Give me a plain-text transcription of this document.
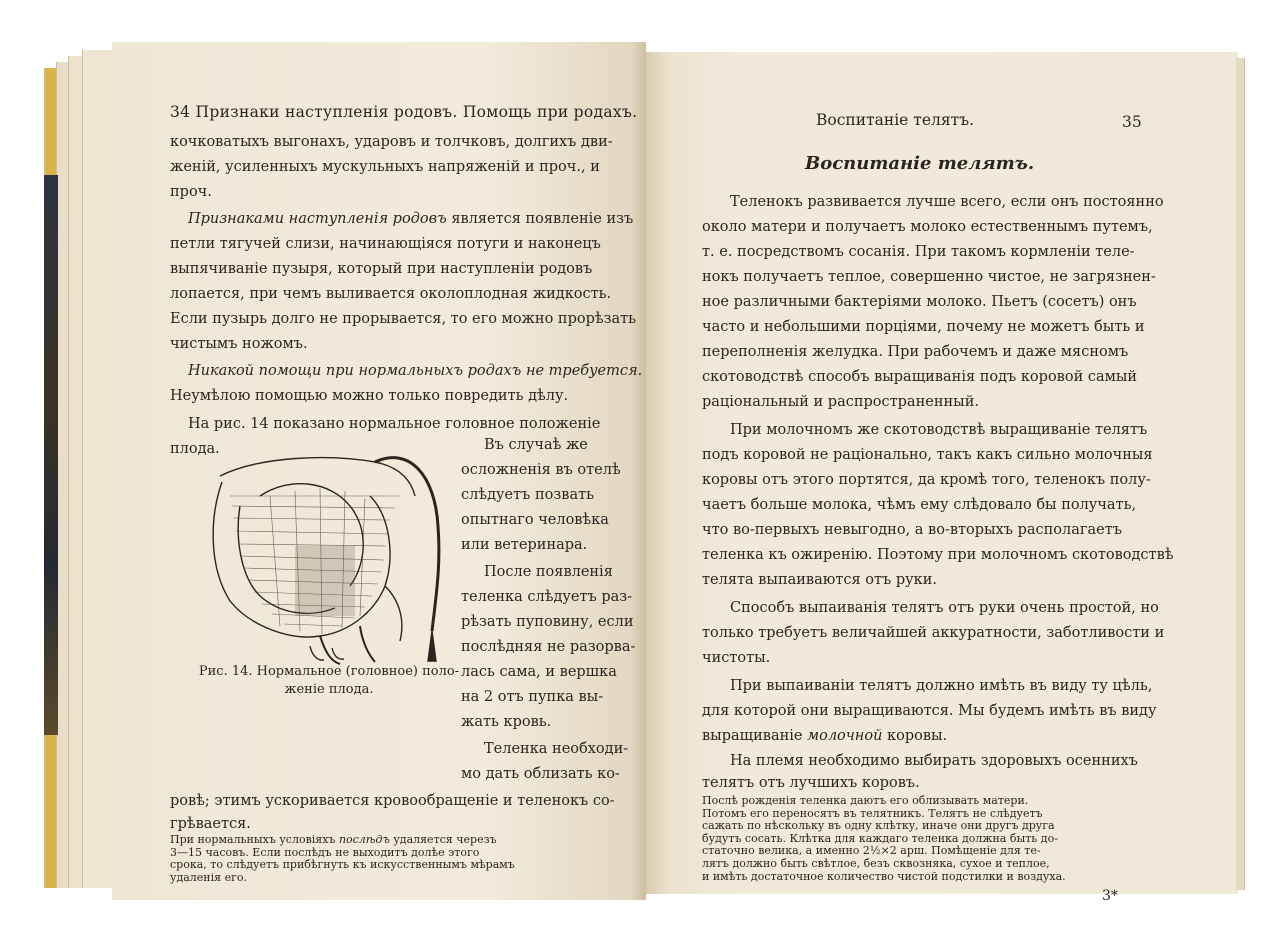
34 Признаки наступленія родовъ. Помощь при родахъ.

кочковатыхъ выгонахъ, ударовъ и толчковъ, долгихъ дви-

женій, усиленныхъ мускульныхъ напряженій и проч., и

проч.

Признаками наступленія родовъ является появленіе изъ

петли тягучей слизи, начинающіяся потуги и наконецъ

выпячиваніе пузыря, который при наступленіи родовъ

лопается, при чемъ выливается околоплодная жидкость.

Если пузырь долго не прорывается, то его можно прорѣзать

чистымъ ножомъ.

Никакой помощи при нормальныхъ родахъ не требуется.

Неумѣлою помощью можно только повредить дѣлу.

На рис. 14 показано нормальное головное положеніе

плода.

Рис. 14. Нормальное (головное) поло-женіе плода.

Въ случаѣ же

осложненія въ отелѣ

слѣдуетъ позвать

опытнаго человѣка

или ветеринара.

После появленія

теленка слѣдуетъ раз-

рѣзать пуповину, если

послѣдняя не разорва-

лась сама, и вершка

на 2 отъ пупка вы-

жать кровь.

Теленка необходи-

мо дать облизать ко-

ровѣ; этимъ ускоривается кровообращеніе и теленокъ со-

грѣвается.

Воспитаніе телятъ.	35

Воспитаніе телятъ.

Теленокъ развивается лучше всего, если онъ постоянно

около матери и получаетъ молоко естественнымъ путемъ,

т. е. посредствомъ сосанія. При такомъ кормленіи телe-

нокъ получаетъ теплое, совершенно чистое, не загрязнен-

ное различными бактеріями молоко. Пьетъ (сосетъ) онъ

часто и небольшими порціями, почему не можетъ быть и

переполненія желудка. При рабочемъ и даже мясномъ

скотоводствѣ способъ выращиванія подъ коровой самый

раціональный и распространенный.

При молочномъ же скотоводствѣ выращиваніе телятъ

подъ коровой не раціонально, такъ какъ сильно молочныя

коровы отъ этого портятся, да кромѣ того, теленокъ полу-

чаетъ больше молока, чѣмъ ему слѣдовало бы получать,

что во-первыхъ невыгодно, а во-вторыхъ располагаетъ

теленка къ ожиренію. Поэтому при молочномъ скотоводствѣ

телята выпаиваются отъ руки.

Способъ выпаиванія телятъ отъ руки очень простой, но

только требуетъ величайшей аккуратности, заботливости и

чистоты.

При выпаиваніи телятъ должно имѣть въ виду ту цѣль,

для которой они выращиваются. Мы будемъ имѣть въ виду

выращиваніе молочной коровы.

На племя необходимо выбирать здоровыхъ осеннихъ

телятъ отъ лучшихъ коровъ.

Послѣ рожденія теленка даютъ его облизывать матери.
Потомъ его переносятъ въ телятникъ. Телятъ не слѣдуетъ
сажать по нѣскольку въ одну клѣтку, иначе они другъ друга
будутъ сосать. Клѣтка для каждаго теленка должна быть до-
статочно велика, а именно 2½×2 арш. Помѣщеніе для те-
лятъ должно быть свѣтлое, безъ сквозняка, сухое и теплое,
и имѣть достаточное количество чистой подстилки и воздуха.

3*

При нормальныхъ условіяхъ послѣдъ удаляется черезъ
3—15 часовъ. Если послѣдъ не выходитъ долѣе этого
срока, то слѣдуетъ прибѣгнуть къ искусственнымъ мѣрамъ
удаленія его.
